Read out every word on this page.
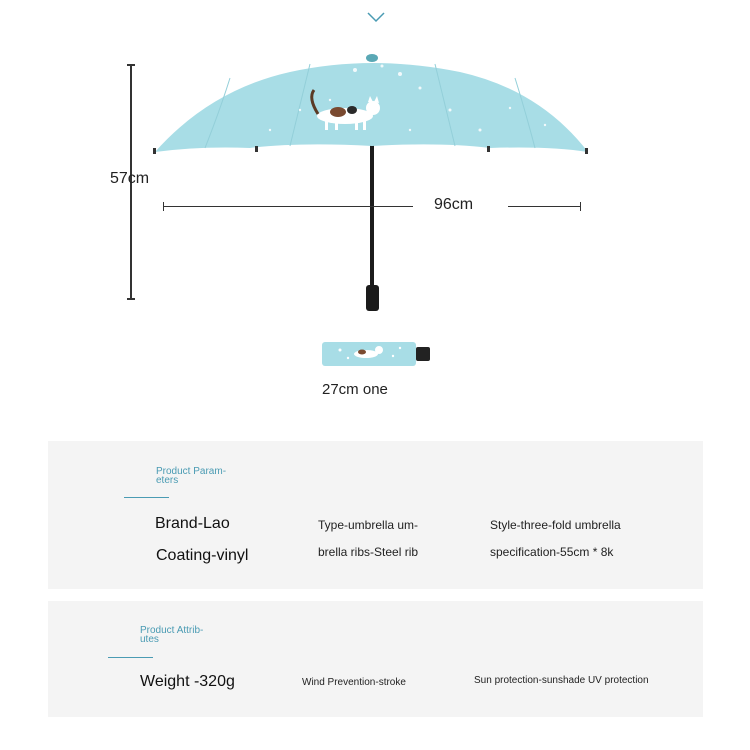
57cm
96cm
27cm one
Product Param-
eters
Brand-Lao
Coating-vinyl
Type-umbrella um-
brella ribs-Steel rib
Style-three-fold umbrella
specification-55cm * 8k
Product Attrib-
utes
Weight -320g	Wind Prevention-stroke	Sun protection-sunshade UV protection
